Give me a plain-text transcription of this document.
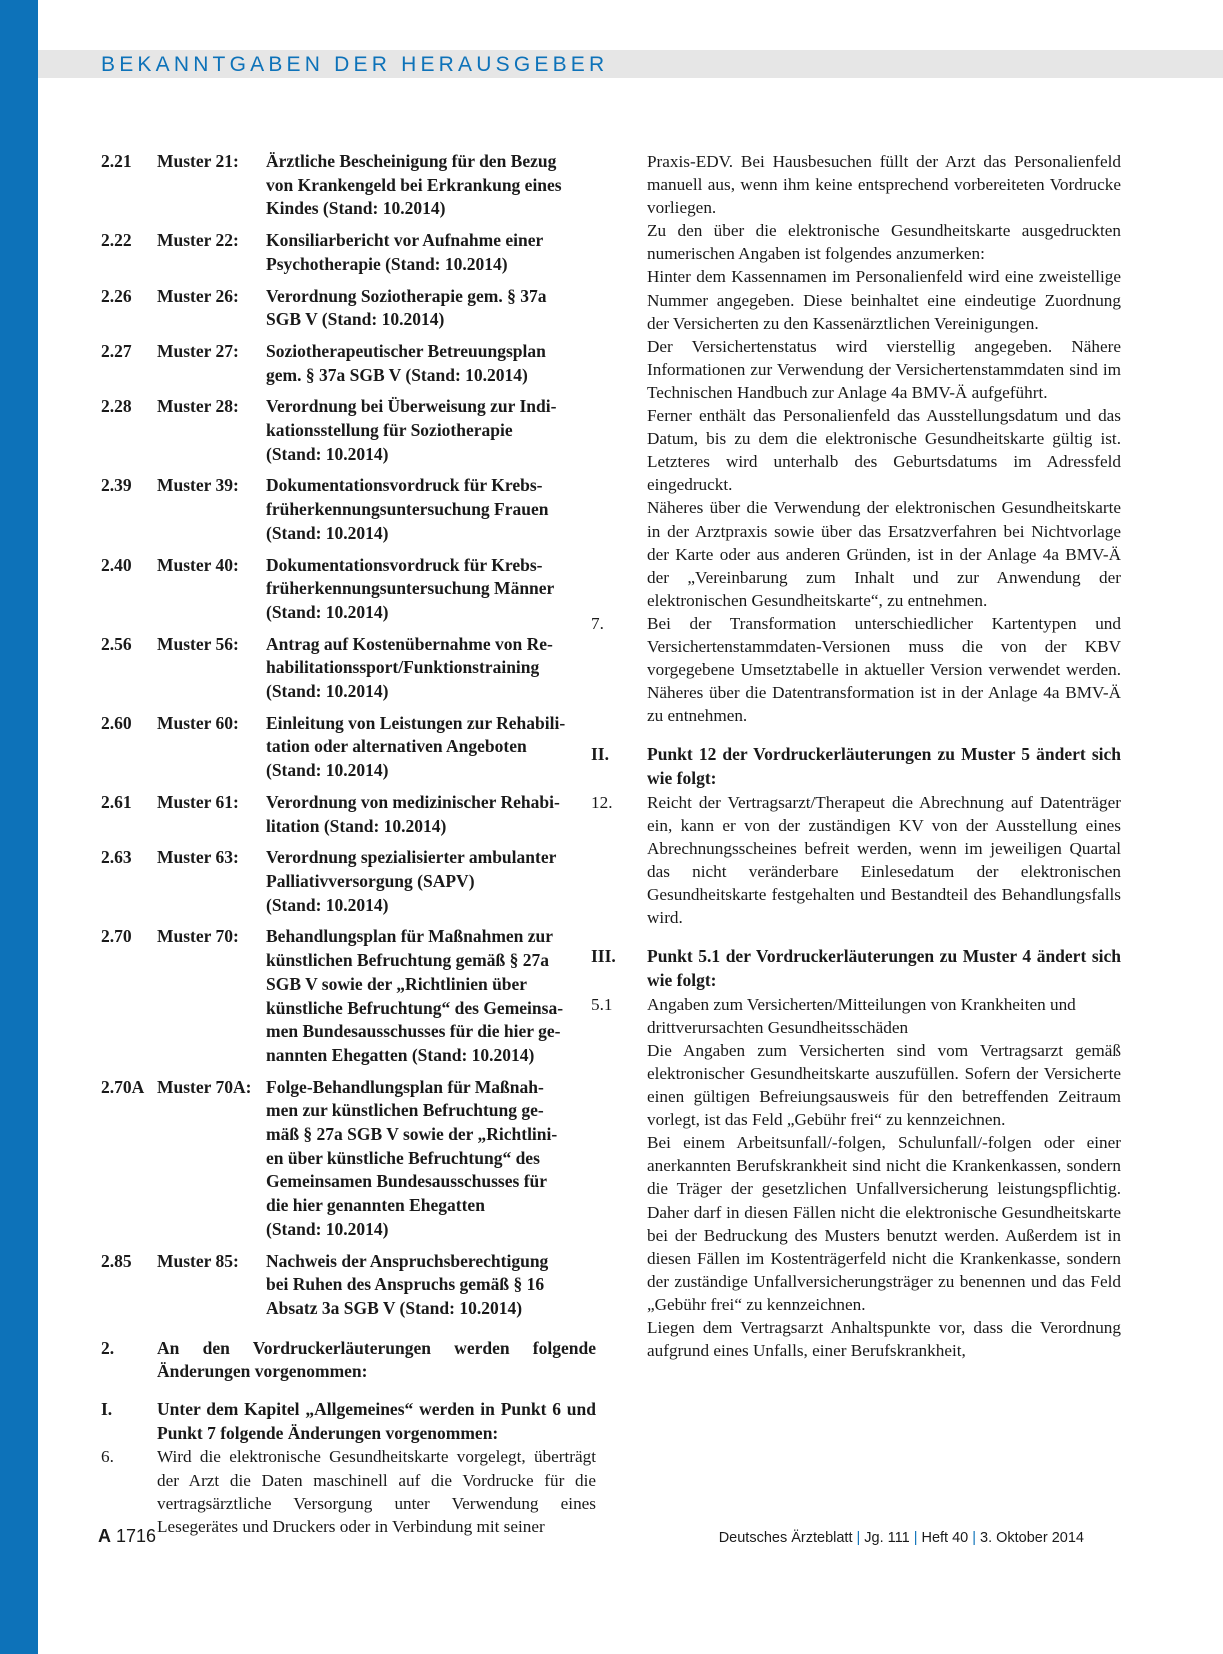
BEKANNTGABEN DER HERAUSGEBER
2.21 Muster 21: Ärztliche Bescheinigung für den Bezug
von Krankengeld bei Erkrankung eines
Kindes (Stand: 10.2014)
2.22 Muster 22: Konsiliarbericht vor Aufnahme einer
Psychotherapie (Stand: 10.2014)
2.26 Muster 26: Verordnung Soziotherapie gem. § 37a
SGB V (Stand: 10.2014)
2.27 Muster 27: Soziotherapeutischer Betreuungsplan
gem. § 37a SGB V (Stand: 10.2014)
2.28 Muster 28: Verordnung bei Überweisung zur Indi-
kationsstellung für Soziotherapie
(Stand: 10.2014)
2.39 Muster 39: Dokumentationsvordruck für Krebs-
früherkennungsuntersuchung Frauen
(Stand: 10.2014)
2.40 Muster 40: Dokumentationsvordruck für Krebs-
früherkennungsuntersuchung Männer
(Stand: 10.2014)
2.56 Muster 56: Antrag auf Kostenübernahme von Re-
habilitationssport/Funktionstraining
(Stand: 10.2014)
2.60 Muster 60: Einleitung von Leistungen zur Rehabili-
tation oder alternativen Angeboten
(Stand: 10.2014)
2.61 Muster 61: Verordnung von medizinischer Rehabi-
litation (Stand: 10.2014)
2.63 Muster 63: Verordnung spezialisierter ambulanter
Palliativversorgung (SAPV)
(Stand: 10.2014)
2.70 Muster 70: Behandlungsplan für Maßnahmen zur
künstlichen Befruchtung gemäß § 27a
SGB V sowie der „Richtlinien über
künstliche Befruchtung“ des Gemeinsa-
men Bundesausschusses für die hier ge-
nannten Ehegatten (Stand: 10.2014)
2.70A Muster 70A: Folge-Behandlungsplan für Maßnah-
men zur künstlichen Befruchtung ge-
mäß § 27a SGB V sowie der „Richtlini-
en über künstliche Befruchtung“ des
Gemeinsamen Bundesausschusses für
die hier genannten Ehegatten
(Stand: 10.2014)
2.85 Muster 85: Nachweis der Anspruchsberechtigung
bei Ruhen des Anspruchs gemäß § 16
Absatz 3a SGB V (Stand: 10.2014)
2. An den Vordruckerläuterungen werden folgende Änderungen vorgenommen:
I.	Unter dem Kapitel „Allgemeines“ werden in Punkt 6 und Punkt 7 folgende Änderungen vorgenommen:
6.	Wird die elektronische Gesundheitskarte vorgelegt, überträgt der Arzt die Daten maschinell auf die Vordrucke für die vertragsärztliche Versorgung unter Verwendung eines Lesegerätes und Druckers oder in Verbindung mit seiner

Praxis-EDV. Bei Hausbesuchen füllt der Arzt das Personalienfeld manuell aus, wenn ihm keine entsprechend vorbereiteten Vordrucke vorliegen.

Zu den über die elektronische Gesundheitskarte ausgedruckten numerischen Angaben ist folgendes anzumerken:

Hinter dem Kassennamen im Personalienfeld wird eine zweistellige Nummer angegeben. Diese beinhaltet eine eindeutige Zuordnung der Versicherten zu den Kassenärztlichen Vereinigungen.

Der Versichertenstatus wird vierstellig angegeben. Nähere Informationen zur Verwendung der Versichertenstammdaten sind im Technischen Handbuch zur Anlage 4a BMV-Ä aufgeführt.

Ferner enthält das Personalienfeld das Ausstellungsdatum und das Datum, bis zu dem die elektronische Gesundheitskarte gültig ist. Letzteres wird unterhalb des Geburtsdatums im Adressfeld eingedruckt.

Näheres über die Verwendung der elektronischen Gesundheitskarte in der Arztpraxis sowie über das Ersatzverfahren bei Nichtvorlage der Karte oder aus anderen Gründen, ist in der Anlage 4a BMV-Ä der „Vereinbarung zum Inhalt und zur Anwendung der elektronischen Gesundheitskarte“, zu entnehmen.

7.	Bei der Transformation unterschiedlicher Kartentypen und Versichertenstammdaten-Versionen muss die von der KBV vorgegebene Umsetztabelle in aktueller Version verwendet werden. Näheres über die Datentransformation ist in der Anlage 4a BMV-Ä zu entnehmen.
II. Punkt 12 der Vordruckerläuterungen zu Muster 5 ändert sich wie folgt:
12. Reicht der Vertragsarzt/Therapeut die Abrechnung auf Datenträger ein, kann er von der zuständigen KV von der Ausstellung eines Abrechnungsscheines befreit werden, wenn im jeweiligen Quartal das nicht veränderbare Einlesedatum der elektronischen Gesundheitskarte festgehalten und Bestandteil des Behandlungsfalls wird.
III. Punkt 5.1 der Vordruckerläuterungen zu Muster 4 ändert sich wie folgt:
5.1 Angaben zum Versicherten/Mitteilungen von Krankheiten und drittverursachten Gesundheitsschäden

Die Angaben zum Versicherten sind vom Vertragsarzt gemäß elektronischer Gesundheitskarte auszufüllen. Sofern der Versicherte einen gültigen Befreiungsausweis für den betreffenden Zeitraum vorlegt, ist das Feld „Gebühr frei“ zu kennzeichnen.

Bei einem Arbeitsunfall/-folgen, Schulunfall/-folgen oder einer anerkannten Berufskrankheit sind nicht die Krankenkassen, sondern die Träger der gesetzlichen Unfallversicherung leistungspflichtig. Daher darf in diesen Fällen nicht die elektronische Gesundheitskarte bei der Bedruckung des Musters benutzt werden. Außerdem ist in diesen Fällen im Kostenträgerfeld nicht die Krankenkasse, sondern der zuständige Unfallversicherungsträger zu benennen und das Feld „Gebühr frei“ zu kennzeichnen.

Liegen dem Vertragsarzt Anhaltspunkte vor, dass die Verordnung aufgrund eines Unfalls, einer Berufskrankheit,

A 1716	Deutsches Ärzteblatt | Jg. 111 | Heft 40 | 3. Oktober 2014
